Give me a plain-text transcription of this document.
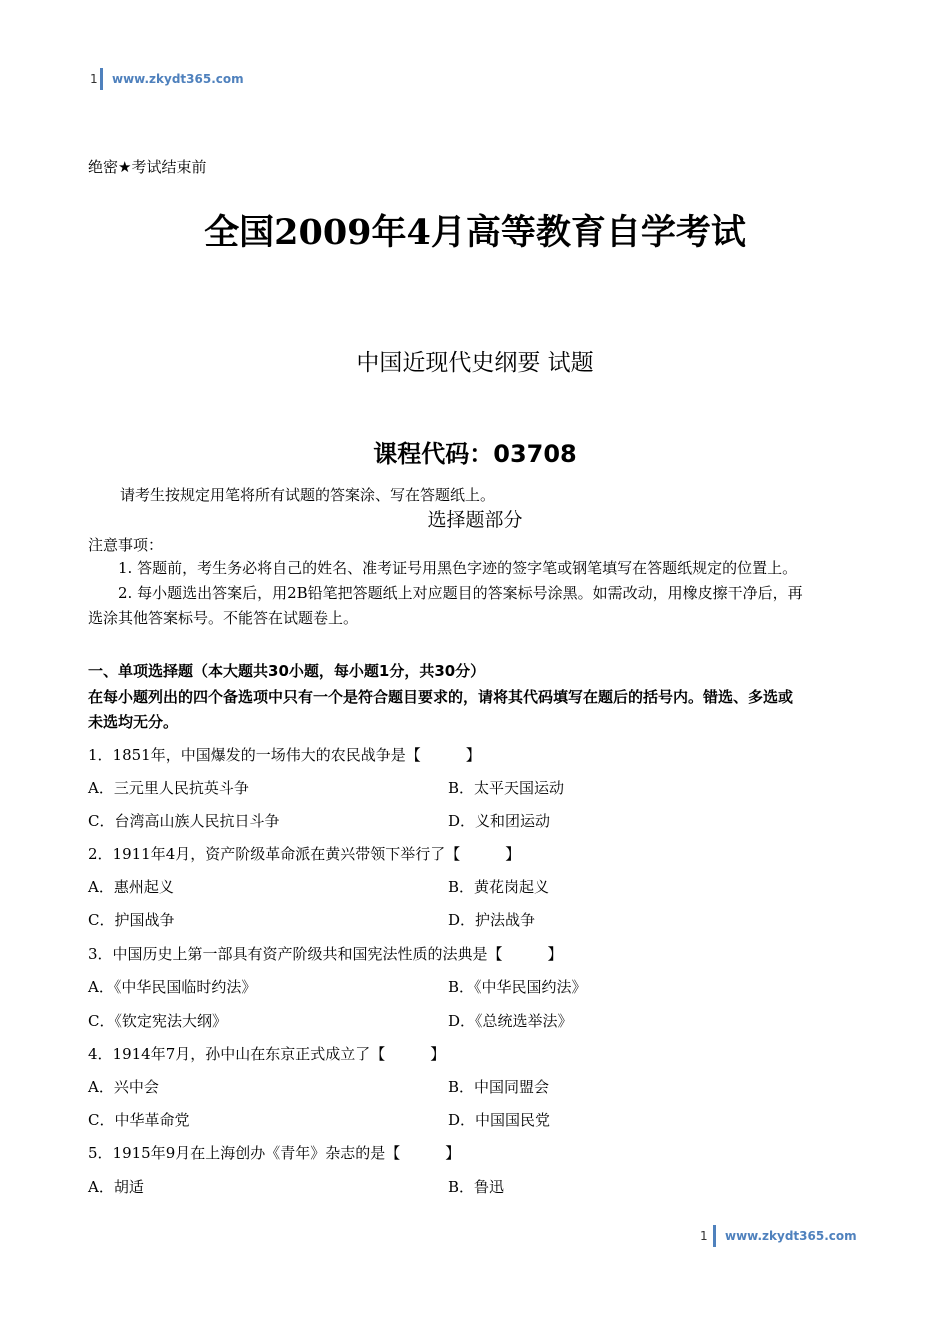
1 www.zkydt365.com
绝密★考试结束前
全国2009年4月高等教育自学考试
中国近现代史纲要 试题
课程代码：03708
请考生按规定用笔将所有试题的答案涂、写在答题纸上。
选择题部分
注意事项：
1. 答题前，考生务必将自己的姓名、准考证号用黑色字迹的签字笔或钢笔填写在答题纸规定的位置上。
2. 每小题选出答案后，用2B铅笔把答题纸上对应题目的答案标号涂黑。如需改动，用橡皮擦干净后，再
选涂其他答案标号。不能答在试题卷上。
一、单项选择题（本大题共30小题，每小题1分，共30分）
在每小题列出的四个备选项中只有一个是符合题目要求的，请将其代码填写在题后的括号内。错选、多选或
未选均无分。
1．1851年，中国爆发的一场伟大的农民战争是【　　　】
A．三元里人民抗英斗争	B．太平天国运动
C．台湾高山族人民抗日斗争	D．义和团运动
2．1911年4月，资产阶级革命派在黄兴带领下举行了【　　　】
A．惠州起义	B．黄花岗起义
C．护国战争	D．护法战争
3．中国历史上第一部具有资产阶级共和国宪法性质的法典是【　　　】
A．《中华民国临时约法》	B．《中华民国约法》
C．《钦定宪法大纲》	D．《总统选举法》
4．1914年7月，孙中山在东京正式成立了【　　　】
A．兴中会	B．中国同盟会
C．中华革命党	D．中国国民党
5．1915年9月在上海创办《青年》杂志的是【　　　】
A．胡适	B．鲁迅
1 www.zkydt365.com
